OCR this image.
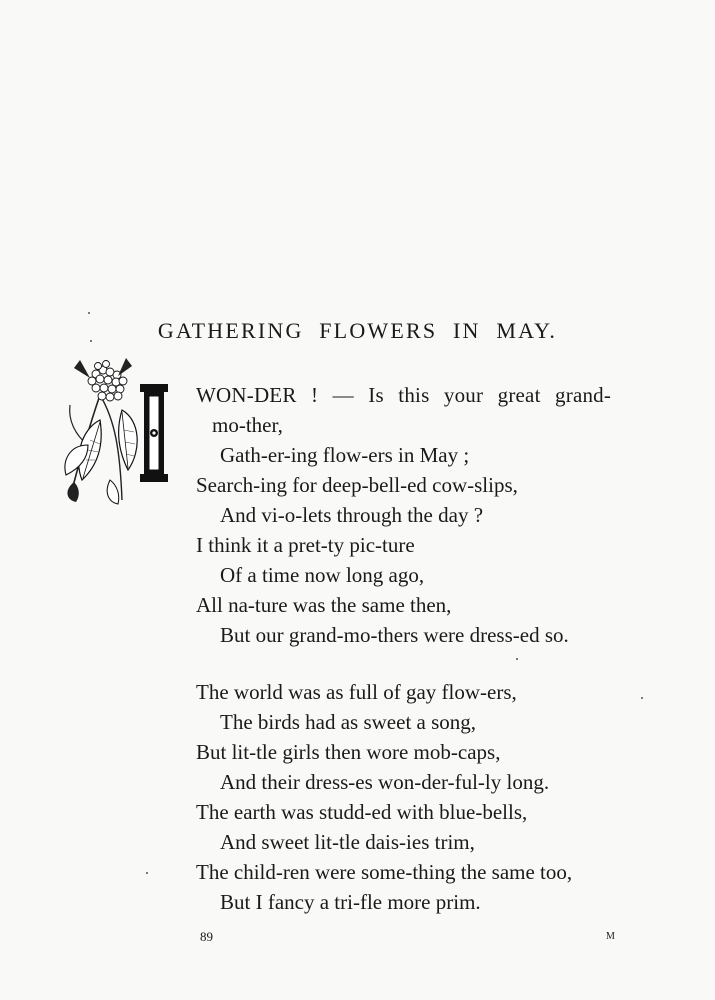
GATHERING FLOWERS IN MAY.
WON-DER ! — Is this your great grand-
mo-ther,
Gath-er-ing flow-ers in May ;
Search-ing for deep-bell-ed cow-slips,
And vi-o-lets through the day ?
I think it a pret-ty pic-ture
Of a time now long ago,
All na-ture was the same then,
But our grand-mo-thers were dress-ed so.
The world was as full of gay flow-ers,
The birds had as sweet a song,
But lit-tle girls then wore mob-caps,
And their dress-es won-der-ful-ly long.
The earth was studd-ed with blue-bells,
And sweet lit-tle dais-ies trim,
The child-ren were some-thing the same too,
But I fancy a tri-fle more prim.
89	M
